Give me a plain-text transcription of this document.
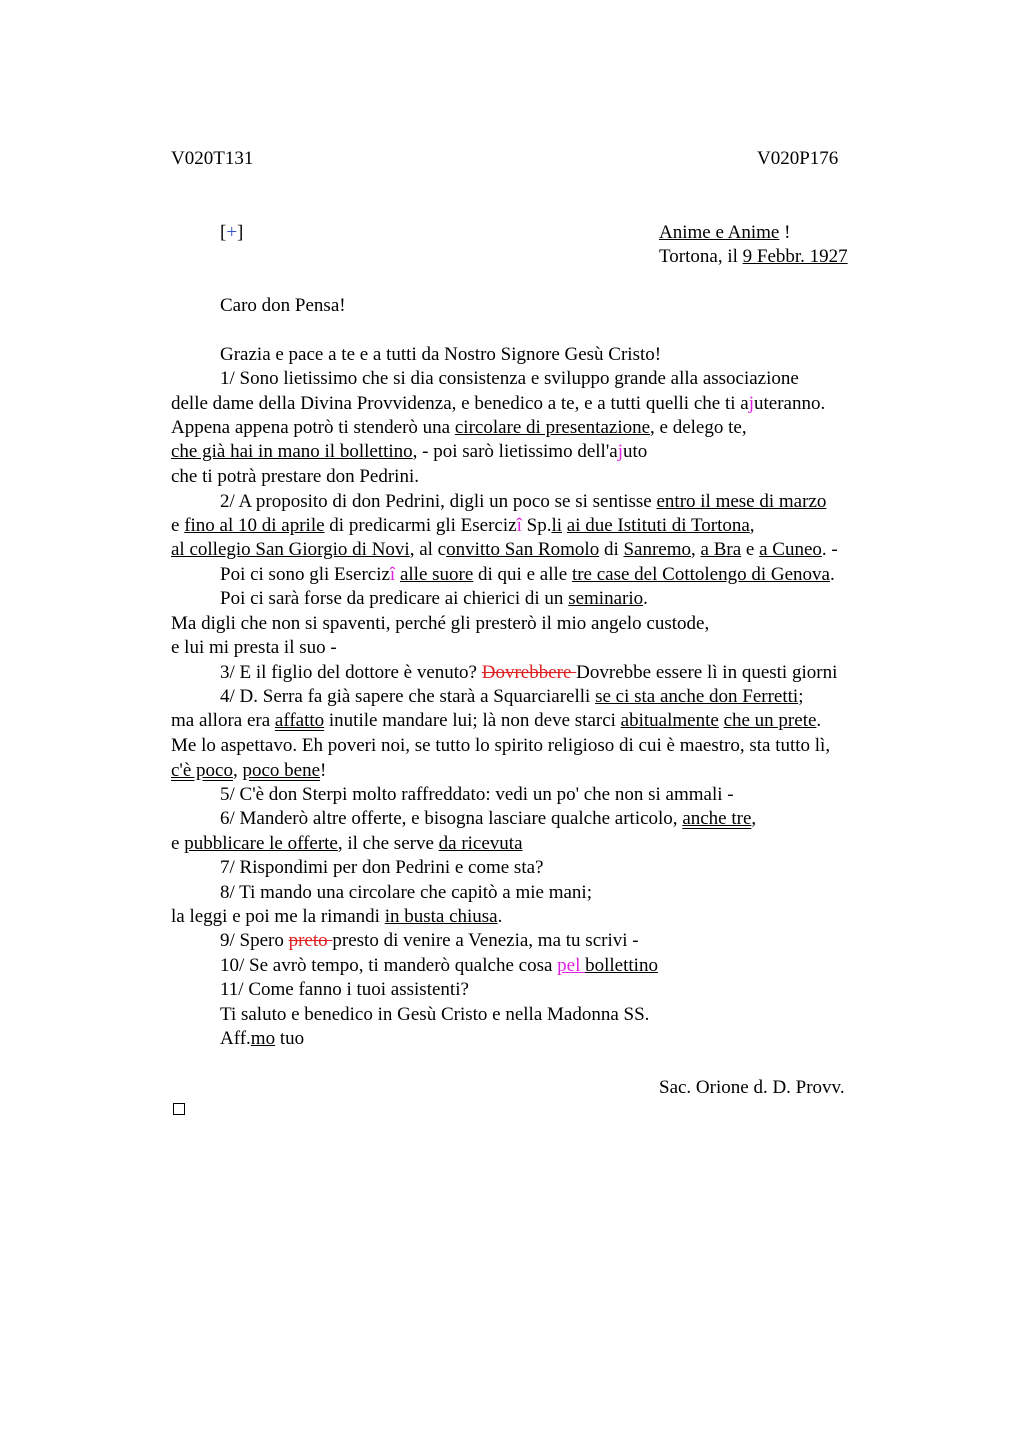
V020T131	V020P176
[+]	Anime e Anime !
Tortona, il 9 Febbr. 1927
Caro don Pensa!
Grazia e pace a te e a tutti da Nostro Signore Gesù Cristo!
1/ Sono lietissimo che si dia consistenza e sviluppo grande alla associazione
delle dame della Divina Provvidenza, e benedico a te, e a tutti quelli che ti ajuteranno.
Appena appena potrò ti stenderò una circolare di presentazione, e delego te,
che già hai in mano il bollettino, - poi sarò lietissimo dell'ajuto
che ti potrà prestare don Pedrini.
2/ A proposito di don Pedrini, digli un poco se si sentisse entro il mese di marzo
e fino al 10 di aprile di predicarmi gli Esercizî Sp.li ai due Istituti di Tortona,
al collegio San Giorgio di Novi, al convitto San Romolo di Sanremo, a Bra e a Cuneo. -
Poi ci sono gli Esercizî alle suore di qui e alle tre case del Cottolengo di Genova.
Poi ci sarà forse da predicare ai chierici di un seminario.
Ma digli che non si spaventi, perché gli presterò il mio angelo custode,
e lui mi presta il suo -
3/ E il figlio del dottore è venuto? Dovrebbere Dovrebbe essere lì in questi giorni
4/ D. Serra fa già sapere che starà a Squarciarelli se ci sta anche don Ferretti;
ma allora era affatto inutile mandare lui; là non deve starci abitualmente che un prete.
Me lo aspettavo. Eh poveri noi, se tutto lo spirito religioso di cui è maestro, sta tutto lì,
c'è poco, poco bene!
5/ C'è don Sterpi molto raffreddato: vedi un po' che non si ammali -
6/ Manderò altre offerte, e bisogna lasciare qualche articolo, anche tre,
e pubblicare le offerte, il che serve da ricevuta
7/ Rispondimi per don Pedrini e come sta?
8/ Ti mando una circolare che capitò a mie mani;
la leggi e poi me la rimandi in busta chiusa.
9/ Spero preto presto di venire a Venezia, ma tu scrivi -
10/ Se avrò tempo, ti manderò qualche cosa pel bollettino
11/ Come fanno i tuoi assistenti?
Ti saluto e benedico in Gesù Cristo e nella Madonna SS.
Aff.mo tuo
Sac. Orione d. D. Provv.
